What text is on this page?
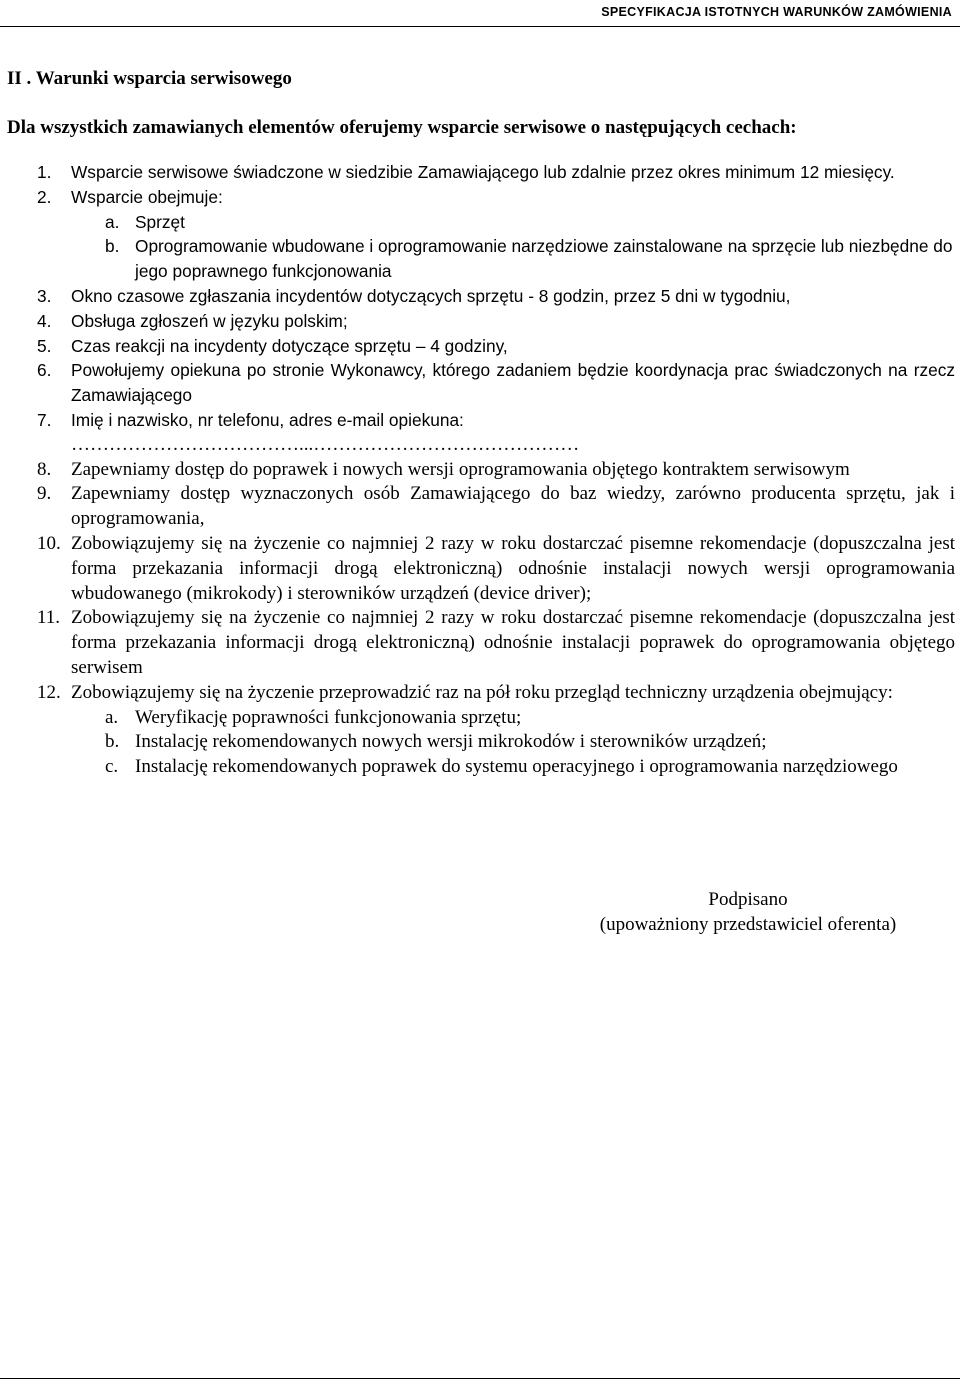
SPECYFIKACJA ISTOTNYCH WARUNKÓW ZAMÓWIENIA
II . Warunki wsparcia serwisowego
Dla wszystkich zamawianych elementów oferujemy wsparcie serwisowe o następujących cechach:
1.	Wsparcie serwisowe świadczone w siedzibie Zamawiającego lub zdalnie przez okres minimum 12 miesięcy.
2.	Wsparcie obejmuje:
a. Sprzęt
b. Oprogramowanie wbudowane i oprogramowanie narzędziowe zainstalowane na sprzęcie lub niezbędne do jego poprawnego funkcjonowania
3.	Okno czasowe zgłaszania incydentów dotyczących sprzętu - 8 godzin, przez 5 dni w tygodniu,
4.	Obsługa zgłoszeń w języku polskim;
5.	Czas reakcji na incydenty dotyczące sprzętu – 4 godziny,
6.	Powołujemy opiekuna po stronie Wykonawcy, którego zadaniem będzie koordynacja prac świadczonych na rzecz Zamawiającego
7.	Imię i nazwisko, nr telefonu, adres e-mail opiekuna:
………………………………...……………………………………
8.	Zapewniamy dostęp do poprawek i nowych wersji oprogramowania objętego kontraktem serwisowym
9.	Zapewniamy dostęp wyznaczonych osób Zamawiającego do baz wiedzy, zarówno producenta sprzętu, jak i oprogramowania,
10. Zobowiązujemy się na życzenie co najmniej 2 razy w roku dostarczać pisemne rekomendacje (dopuszczalna jest forma przekazania informacji drogą elektroniczną) odnośnie instalacji nowych wersji oprogramowania wbudowanego (mikrokody) i sterowników urządzeń (device driver);
11. Zobowiązujemy się na życzenie co najmniej 2 razy w roku dostarczać pisemne rekomendacje (dopuszczalna jest forma przekazania informacji drogą elektroniczną) odnośnie instalacji poprawek do oprogramowania objętego serwisem
12. Zobowiązujemy się na życzenie przeprowadzić raz na pół roku przegląd techniczny urządzenia obejmujący:
a. Weryfikację poprawności funkcjonowania sprzętu;
b. Instalację rekomendowanych nowych wersji mikrokodów i sterowników urządzeń;
c. Instalację rekomendowanych poprawek do systemu operacyjnego i oprogramowania narzędziowego
Podpisano
(upoważniony przedstawiciel oferenta)
